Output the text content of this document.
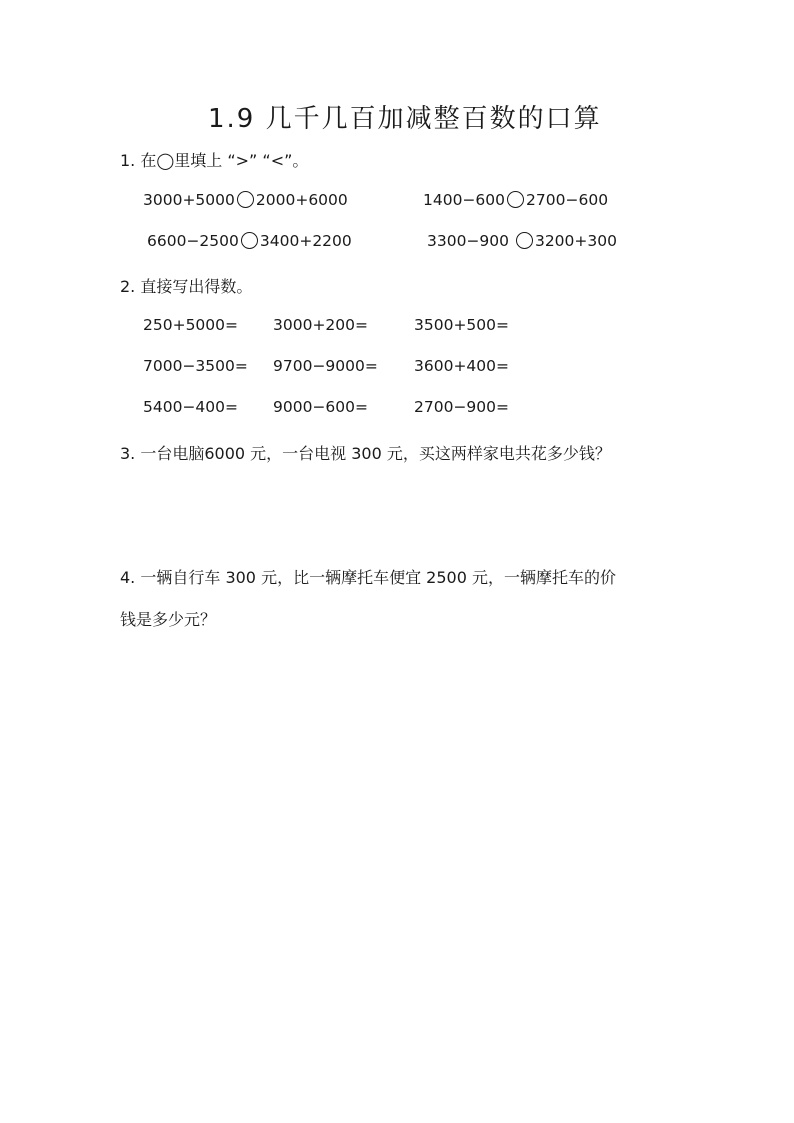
1.9 几千几百加减整百数的口算
1. 在◯里填上 “>” “<”。
3000+5000 2000+6000	1400−600 2700−600
6600−2500 3400+2200	3300−900 3200+300
2. 直接写出得数。
250+5000= 3000+200=	3500+500=
7000−3500= 9700−9000= 3600+400=
5400−400= 9000−600=	2700−900=
3. 一台电脑6000 元，一台电视 300 元，买这两样家电共花多少钱？
4. 一辆自行车 300 元，比一辆摩托车便宜 2500 元，一辆摩托车的价
钱是多少元？
